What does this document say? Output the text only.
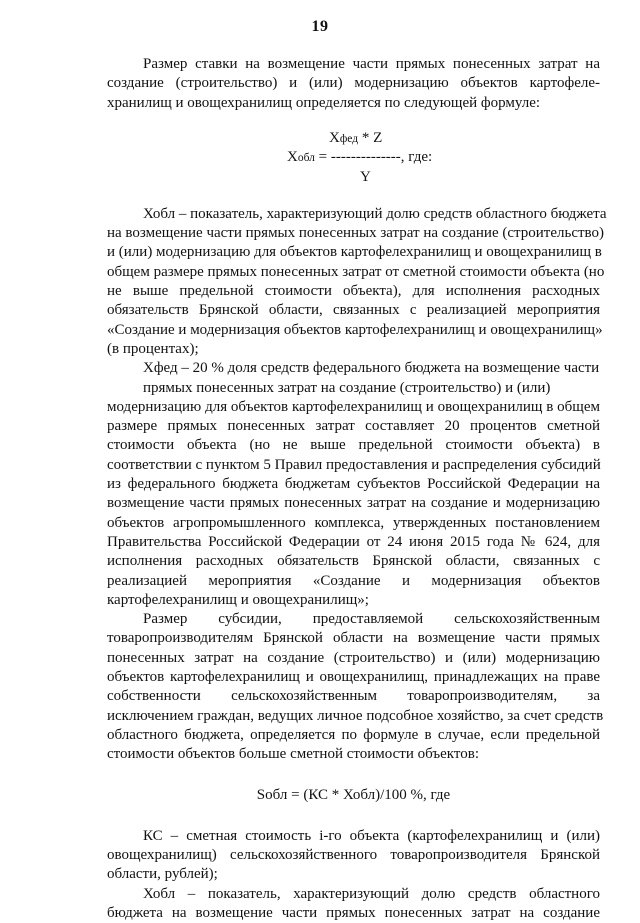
19
Размер ставки на возмещение части прямых понесенных затрат на
создание (строительство) и (или) модернизацию объектов картофеле-
хранилищ и овощехранилищ определяется по следующей формуле:
Хфед * Z
Хобл = --------------, где:
Y
Хобл – показатель, характеризующий долю средств областного бюджета
на возмещение части прямых понесенных затрат на создание (строительство)
и (или) модернизацию для объектов картофелехранилищ и овощехранилищ в
общем размере прямых понесенных затрат от сметной стоимости объекта (но
не выше предельной стоимости объекта), для исполнения расходных
обязательств Брянской области, связанных с реализацией мероприятия
«Создание и модернизация объектов картофелехранилищ и овощехранилищ»
(в процентах);
Хфед – 20 % доля средств федерального бюджета на возмещение части
прямых понесенных затрат на создание (строительство) и (или)
модернизацию для объектов картофелехранилищ и овощехранилищ в общем
размере прямых понесенных затрат составляет 20 процентов сметной
стоимости объекта (но не выше предельной стоимости объекта) в
соответствии с пунктом 5 Правил предоставления и распределения субсидий
из федерального бюджета бюджетам субъектов Российской Федерации на
возмещение части прямых понесенных затрат на создание и модернизацию
объектов агропромышленного комплекса, утвержденных постановлением
Правительства Российской Федерации от 24 июня 2015 года № 624, для
исполнения расходных обязательств Брянской области, связанных с
реализацией мероприятия «Создание и модернизация объектов
картофелехранилищ и овощехранилищ»;
Размер субсидии, предоставляемой сельскохозяйственным
товаропроизводителям Брянской области на возмещение части прямых
понесенных затрат на создание (строительство) и (или) модернизацию
объектов картофелехранилищ и овощехранилищ, принадлежащих на праве
собственности сельскохозяйственным товаропроизводителям, за
исключением граждан, ведущих личное подсобное хозяйство, за счет средств
областного бюджета, определяется по формуле в случае, если предельной
стоимости объектов больше сметной стоимости объектов:
Sобл = (КС * Хобл)/100 %, где
КС – сметная стоимость i-го объекта (картофелехранилищ и (или)
овощехранилищ) сельскохозяйственного товаропроизводителя Брянской
области, рублей);
Хобл – показатель, характеризующий долю средств областного
бюджета на возмещение части прямых понесенных затрат на создание
